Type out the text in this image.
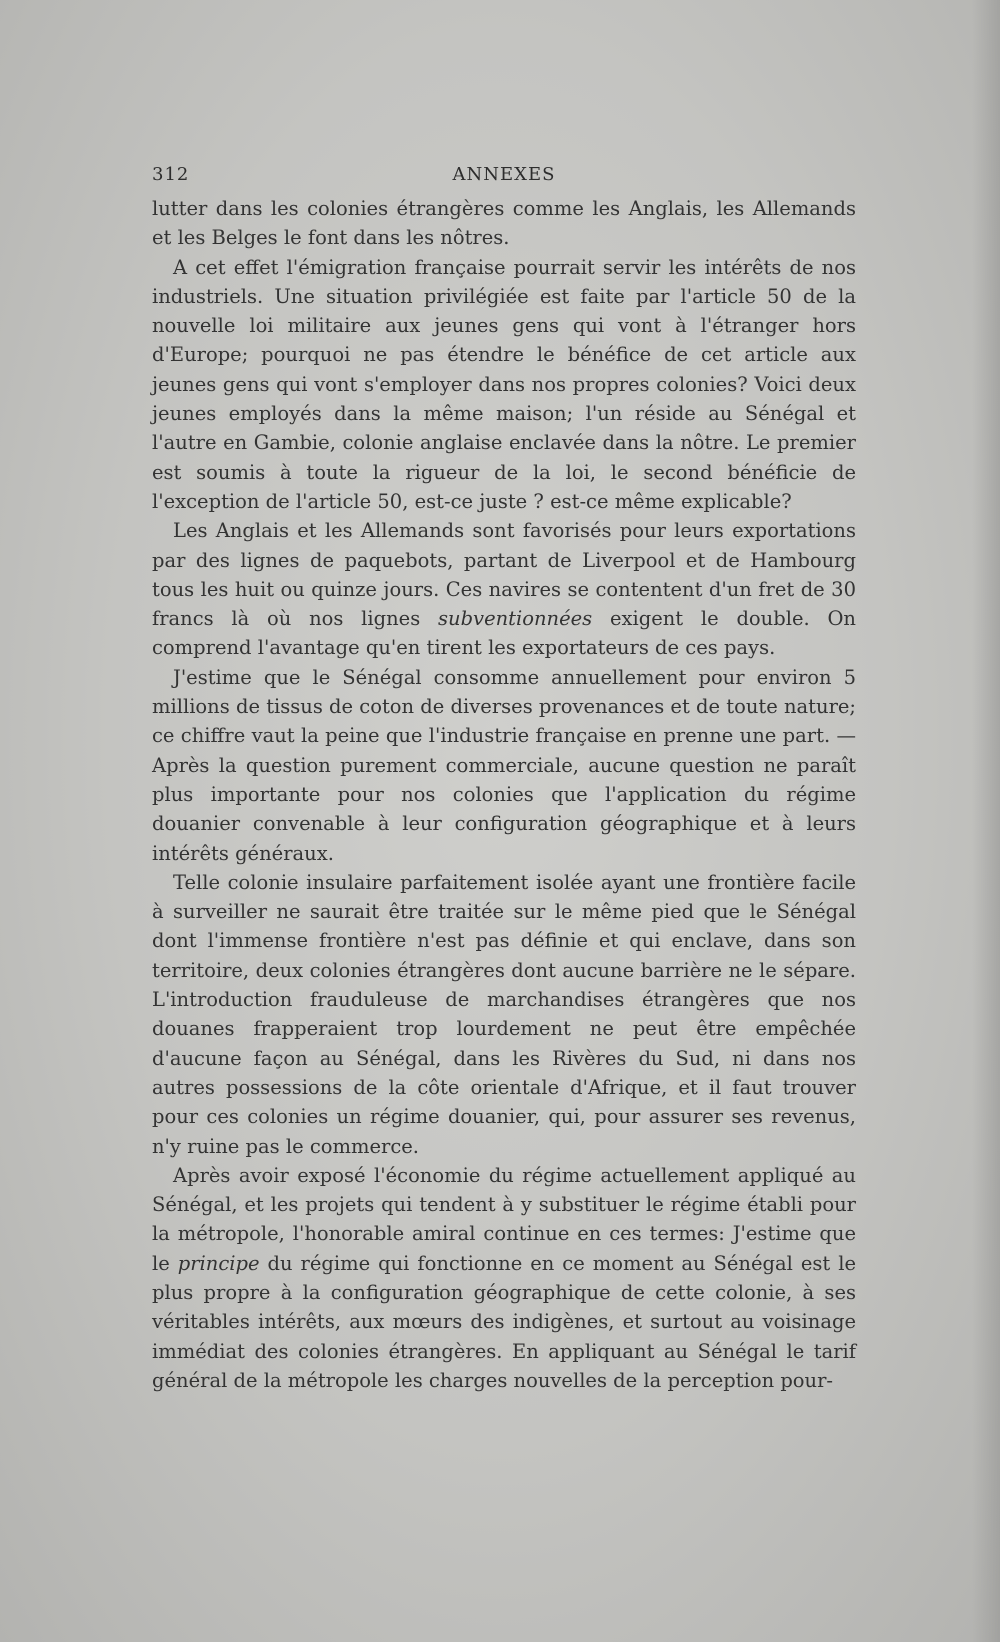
312	ANNEXES

lutter dans les colonies étrangères comme les Anglais, les Allemands et les Belges le font dans les nôtres.

A cet effet l'émigration française pourrait servir les intérêts de nos industriels. Une situation privilégiée est faite par l'article 50 de la nouvelle loi militaire aux jeunes gens qui vont à l'étranger hors d'Europe; pourquoi ne pas étendre le bénéfice de cet article aux jeunes gens qui vont s'employer dans nos propres colonies? Voici deux jeunes employés dans la même maison; l'un réside au Sénégal et l'autre en Gambie, colonie anglaise enclavée dans la nôtre. Le premier est soumis à toute la rigueur de la loi, le second bénéficie de l'exception de l'article 50, est-ce juste ? est-ce même explicable?

Les Anglais et les Allemands sont favorisés pour leurs exportations par des lignes de paquebots, partant de Liverpool et de Hambourg tous les huit ou quinze jours. Ces navires se contentent d'un fret de 30 francs là où nos lignes subventionnées exigent le double. On comprend l'avantage qu'en tirent les exportateurs de ces pays.

J'estime que le Sénégal consomme annuellement pour environ 5 millions de tissus de coton de diverses provenances et de toute nature; ce chiffre vaut la peine que l'industrie française en prenne une part. — Après la question purement commerciale, aucune question ne paraît plus importante pour nos colonies que l'application du régime douanier convenable à leur configuration géographique et à leurs intérêts généraux.

Telle colonie insulaire parfaitement isolée ayant une frontière facile à surveiller ne saurait être traitée sur le même pied que le Sénégal dont l'immense frontière n'est pas définie et qui enclave, dans son territoire, deux colonies étrangères dont aucune barrière ne le sépare. L'introduction frauduleuse de marchandises étrangères que nos douanes frapperaient trop lourdement ne peut être empêchée d'aucune façon au Sénégal, dans les Rivères du Sud, ni dans nos autres possessions de la côte orientale d'Afrique, et il faut trouver pour ces colonies un régime douanier, qui, pour assurer ses revenus, n'y ruine pas le commerce.

Après avoir exposé l'économie du régime actuellement appliqué au Sénégal, et les projets qui tendent à y substituer le régime établi pour la métropole, l'honorable amiral continue en ces termes: J'estime que le principe du régime qui fonctionne en ce moment au Sénégal est le plus propre à la configuration géographique de cette colonie, à ses véritables intérêts, aux mœurs des indigènes, et surtout au voisinage immédiat des colonies étrangères. En appliquant au Sénégal le tarif général de la métropole les charges nouvelles de la perception pour-
